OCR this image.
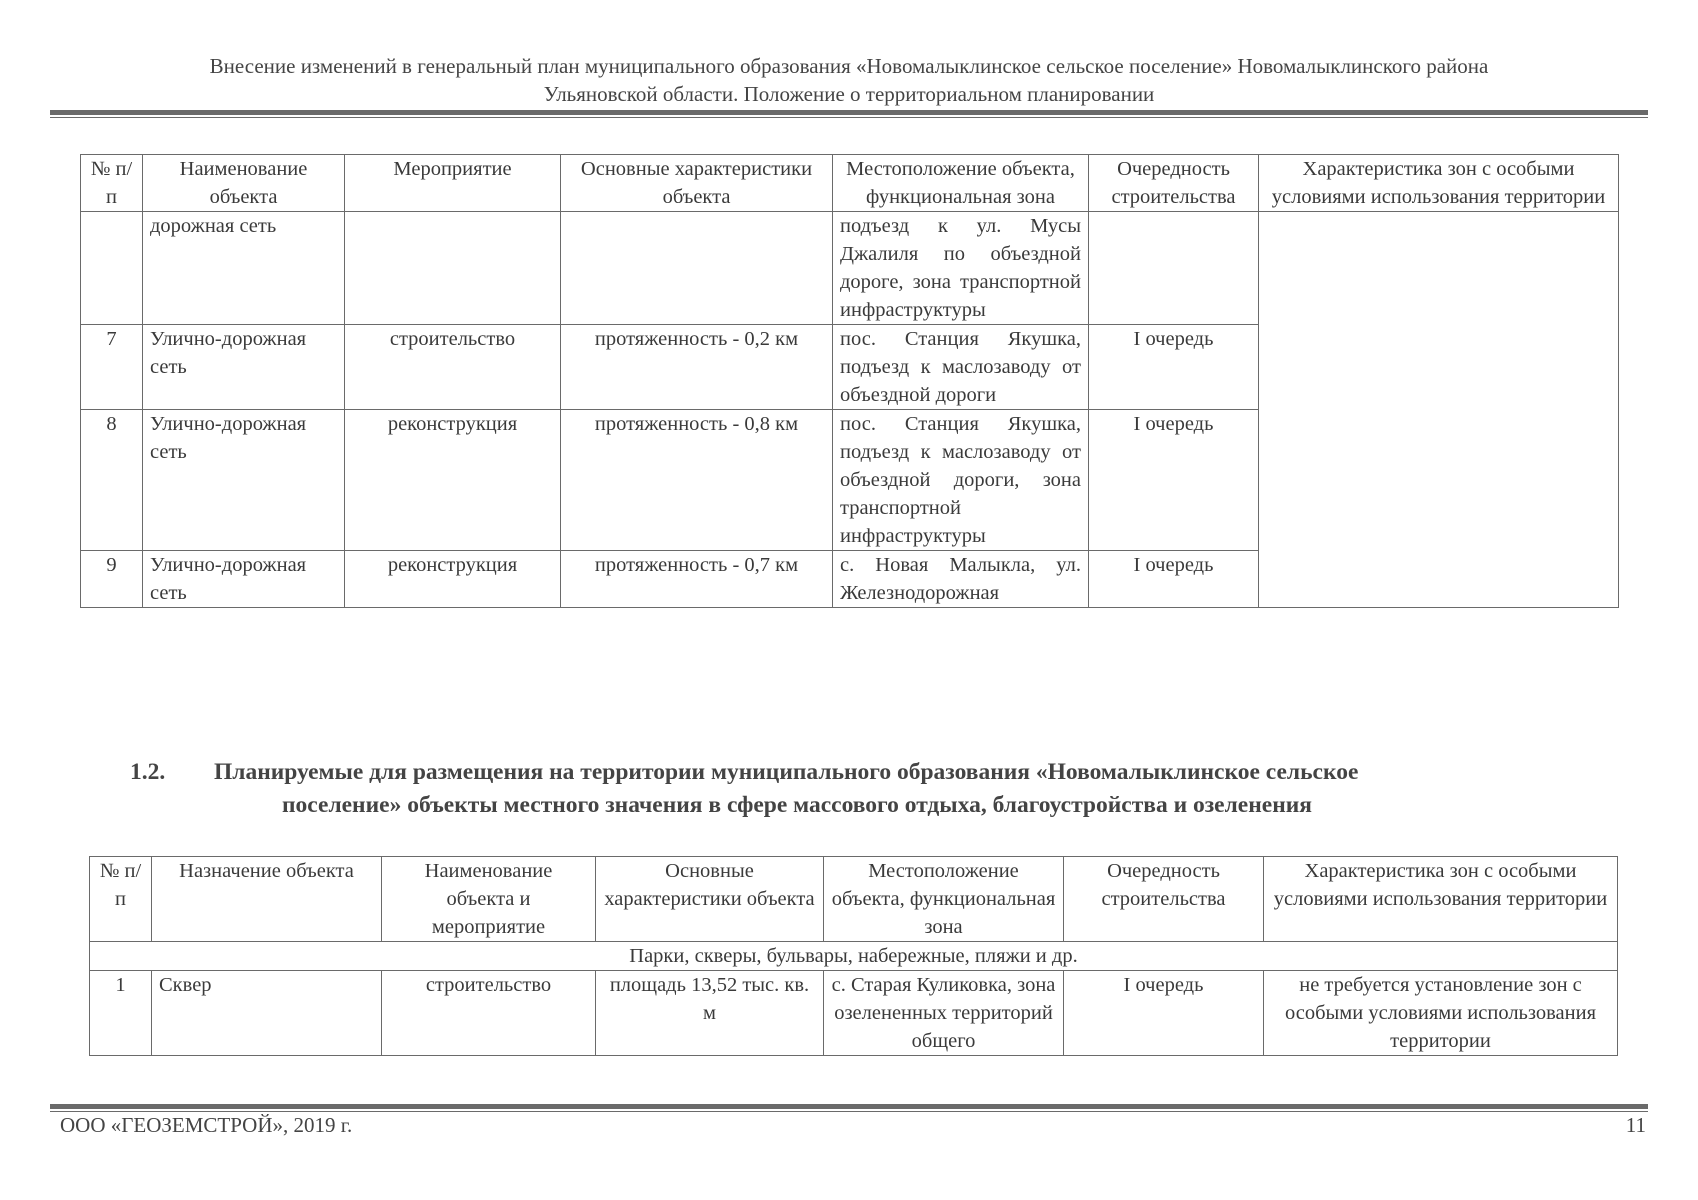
Внесение изменений в генеральный план муниципального образования «Новомалыклинское сельское поселение» Новомалыклинского района
Ульяновской области. Положение о территориальном планировании
№ п/п	Наименование объекта	Мероприятие	Основные характеристики объекта	Местоположение объекта, функциональная зона	Очередность строительства	Характеристика зон с особыми условиями использования территории
	дорожная сеть			подъезд к ул. Мусы Джалиля по объездной дороге, зона транспортной инфраструктуры		
7	Улично-дорожная сеть	строительство	протяженность - 0,2 км	пос. Станция Якушка, подъезд к маслозаводу от объездной дороги	I очередь	
8	Улично-дорожная сеть	реконструкция	протяженность - 0,8 км	пос. Станция Якушка, подъезд к маслозаводу от объездной дороги, зона транспортной инфраструктуры	I очередь	
9	Улично-дорожная сеть	реконструкция	протяженность - 0,7 км	с. Новая Малыкла, ул. Железнодорожная	I очередь	
1.2. Планируемые для размещения на территории муниципального образования «Новомалыклинское сельское
поселение» объекты местного значения в сфере массового отдыха, благоустройства и озеленения
№ п/п	Назначение объекта	Наименование объекта и мероприятие	Основные характеристики объекта	Местоположение объекта, функциональная зона	Очередность строительства	Характеристика зон с особыми условиями использования территории
Парки, скверы, бульвары, набережные, пляжи и др.						
1	Сквер	строительство	площадь 13,52 тыс. кв. м	с. Старая Куликовка, зона озелененных территорий общего	I очередь	не требуется установление зон с особыми условиями использования территории
ООО «ГЕОЗЕМСТРОЙ», 2019 г.	11
